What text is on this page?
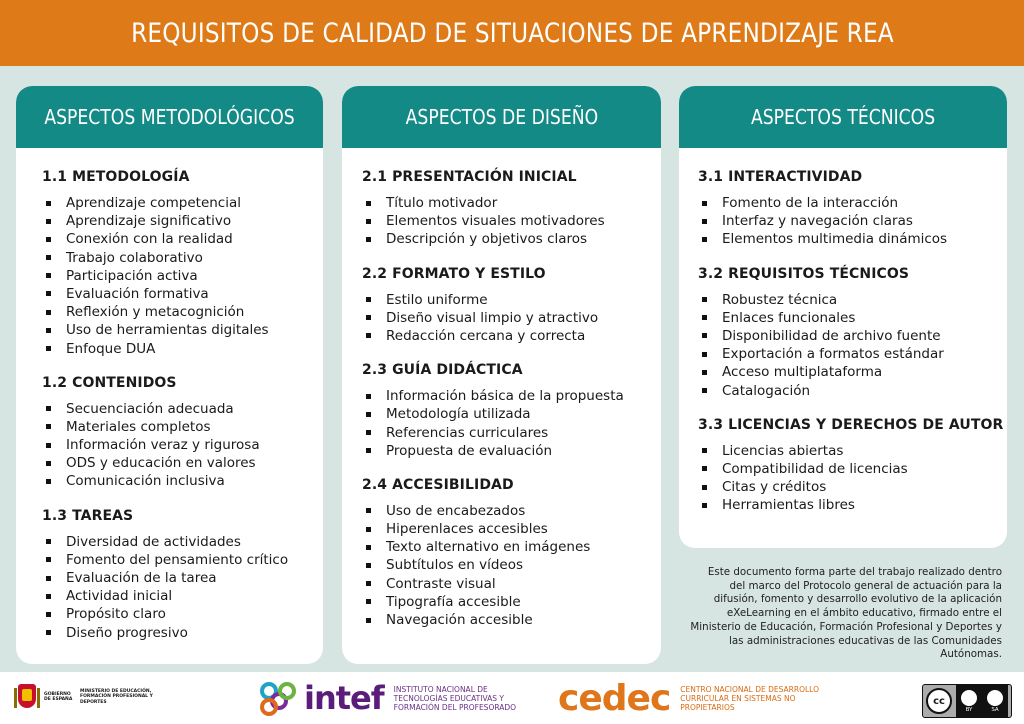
REQUISITOS DE CALIDAD DE SITUACIONES DE APRENDIZAJE REA
ASPECTOS METODOLÓGICOS
1.1 METODOLOGÍA
Aprendizaje competencial
Aprendizaje significativo
Conexión con la realidad
Trabajo colaborativo
Participación activa
Evaluación formativa
Reflexión y metacognición
Uso de herramientas digitales
Enfoque DUA
1.2 CONTENIDOS
Secuenciación adecuada
Materiales completos
Información veraz y rigurosa
ODS y educación en valores
Comunicación inclusiva
1.3 TAREAS
Diversidad de actividades
Fomento del pensamiento crítico
Evaluación de la tarea
Actividad inicial
Propósito claro
Diseño progresivo
ASPECTOS DE DISEÑO
2.1 PRESENTACIÓN INICIAL
Título motivador
Elementos visuales motivadores
Descripción y objetivos claros
2.2 FORMATO Y ESTILO
Estilo uniforme
Diseño visual limpio y atractivo
Redacción cercana y correcta
2.3 GUÍA DIDÁCTICA
Información básica de la propuesta
Metodología utilizada
Referencias curriculares
Propuesta de evaluación
2.4 ACCESIBILIDAD
Uso de encabezados
Hiperenlaces accesibles
Texto alternativo en imágenes
Subtítulos en vídeos
Contraste visual
Tipografía accesible
Navegación accesible
ASPECTOS TÉCNICOS
3.1 INTERACTIVIDAD
Fomento de la interacción
Interfaz y navegación claras
Elementos multimedia dinámicos
3.2 REQUISITOS TÉCNICOS
Robustez técnica
Enlaces funcionales
Disponibilidad de archivo fuente
Exportación a formatos estándar
Acceso multiplataforma
Catalogación
3.3 LICENCIAS Y DERECHOS DE AUTOR
Licencias abiertas
Compatibilidad de licencias
Citas y créditos
Herramientas libres
Este documento forma parte del trabajo realizado dentro del marco del Protocolo general de actuación para la difusión, fomento y desarrollo evolutivo de la aplicación eXeLearning en el ámbito educativo, firmado entre el Ministerio de Educación, Formación Profesional y Deportes y las administraciones educativas de las Comunidades Autónomas.
GOBIERNO DE ESPAÑA
MINISTERIO DE EDUCACIÓN, FORMACIÓN PROFESIONAL Y DEPORTES	intef INSTITUTO NACIONAL DE TECNOLOGÍAS EDUCATIVAS Y FORMACIÓN DEL PROFESORADO	cedec CENTRO NACIONAL DE DESARROLLO CURRICULAR EN SISTEMAS NO PROPIETARIOS
cc
BY	SA
